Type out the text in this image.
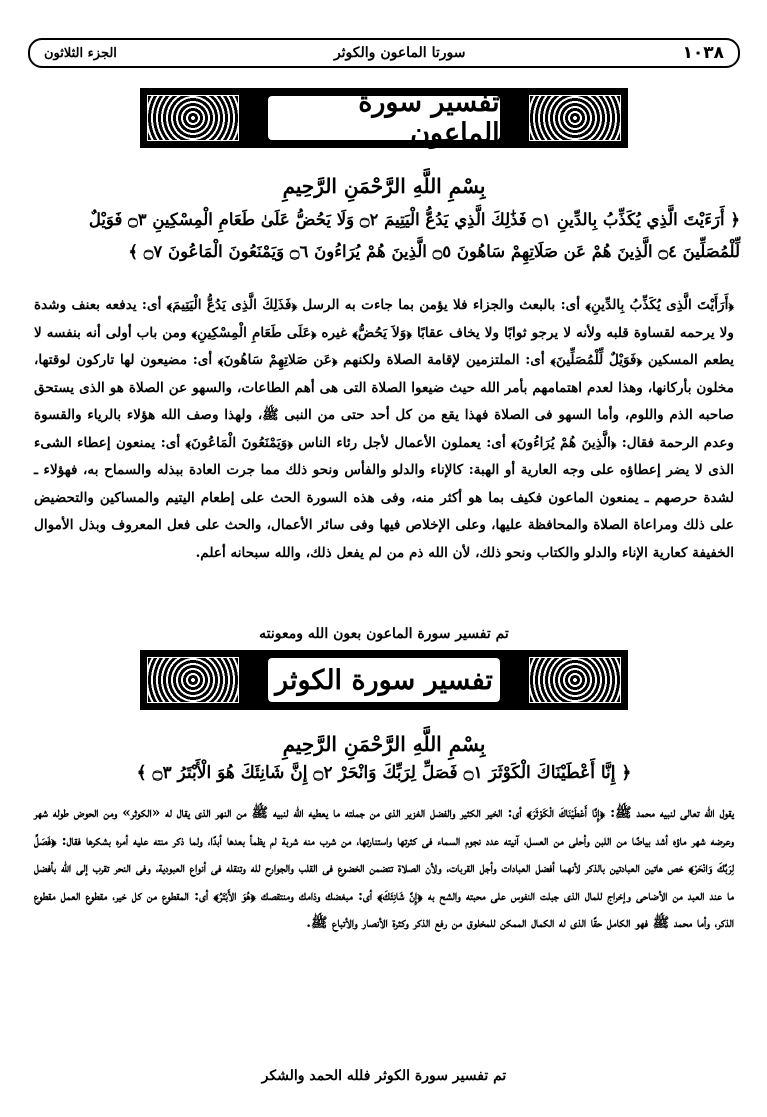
١٠٣٨
سورتا الماعون والكوثر
الجزء الثلاثون
تفسير سورة الماعون
بِسْمِ اللَّهِ الرَّحْمَنِ الرَّحِيمِ
﴿ أَرَءَيْتَ الَّذِي يُكَذِّبُ بِالدِّينِ ۝١ فَذَٰلِكَ الَّذِي يَدُعُّ الْيَتِيمَ ۝٢ وَلَا يَحُضُّ عَلَىٰ طَعَامِ الْمِسْكِينِ ۝٣ فَوَيْلٌ
لِّلْمُصَلِّينَ ۝٤ الَّذِينَ هُمْ عَن صَلَاتِهِمْ سَاهُونَ ۝٥ الَّذِينَ هُمْ يُرَاءُونَ ۝٦ وَيَمْنَعُونَ الْمَاعُونَ ۝٧ ﴾
﴿أَرَأَيْتَ الَّذِى يُكَذِّبُ بِالدِّينِ﴾ أى: بالبعث والجزاء فلا يؤمن بما جاءت به الرسل ﴿فَذَلِكَ الَّذِى يَدُعُّ الْيَتِيمَ﴾ أى: يدفعه بعنف وشدة ولا يرحمه لقساوة قلبه ولأنه لا يرجو ثوابًا ولا يخاف عقابًا ﴿وَلاَ يَحُضُّ﴾ غيره ﴿عَلَى طَعَامِ الْمِسْكِينِ﴾ ومن باب أولى أنه بنفسه لا يطعم المسكين ﴿فَوَيْلٌ لِّلْمُصَلِّينَ﴾ أى: الملتزمين لإقامة الصلاة ولكنهم ﴿عَن صَلاتِهِمْ سَاهُونَ﴾ أى: مضيعون لها تاركون لوقتها، مخلون بأركانها، وهذا لعدم اهتمامهم بأمر الله حيث ضيعوا الصلاة التى هى أهم الطاعات، والسهو عن الصلاة هو الذى يستحق صاحبه الذم واللوم، وأما السهو فى الصلاة فهذا يقع من كل أحد حتى من النبى ﷺ، ولهذا وصف الله هؤلاء بالرياء والقسوة وعدم الرحمة فقال: ﴿الَّذِينَ هُمْ يُرَاءُونَ﴾ أى: يعملون الأعمال لأجل رئاء الناس ﴿وَيَمْنَعُونَ الْمَاعُونَ﴾ أى: يمنعون إعطاء الشىء الذى لا يضر إعطاؤه على وجه العارية أو الهبة: كالإناء والدلو والفأس ونحو ذلك مما جرت العادة ببذله والسماح به، فهؤلاء ـ لشدة حرصهم ـ يمنعون الماعون فكيف بما هو أكثر منه، وفى هذه السورة الحث على إطعام اليتيم والمساكين والتحضيض على ذلك ومراعاة الصلاة والمحافظة عليها، وعلى الإخلاص فيها وفى سائر الأعمال، والحث على فعل المعروف وبذل الأموال الخفيفة كعارية الإناء والدلو والكتاب ونحو ذلك، لأن الله ذم من لم يفعل ذلك، والله سبحانه أعلم.
تم تفسير سورة الماعون بعون الله ومعونته
تفسير سورة الكوثر
بِسْمِ اللَّهِ الرَّحْمَنِ الرَّحِيمِ
﴿ إِنَّا أَعْطَيْنَاكَ الْكَوْثَرَ ۝١ فَصَلِّ لِرَبِّكَ وَانْحَرْ ۝٢ إِنَّ شَانِئَكَ هُوَ الْأَبْتَرُ ۝٣ ﴾
يقول الله تعالى لنبيه محمد ﷺ: ﴿إِنَّا أَعْطَيْنَاكَ الْكَوْثَرَ﴾ أى: الخير الكثير والفضل الغزير الذى من جملته ما يعطيه الله لنبيه ﷺ من النهر الذى يقال له «الكوثر» ومن الحوض طوله شهر وعرضه شهر ماؤه أشد بياضًا من اللبن وأحلى من العسل، آنيته عدد نجوم السماء فى كثرتها واستنارتها، من شرب منه شربة لم يظمأ بعدها أبدًا، ولما ذكر منته عليه أمره بشكرها فقال: ﴿فَصَلِّ لِرَبِّكَ وَانْحَرْ﴾ خص هاتين العبادتين بالذكر لأنهما أفضل العبادات وأجل القربات، ولأن الصلاة تتضمن الخضوع فى القلب والجوارح لله وتنقله فى أنواع العبودية، وفى النحر تقرب إلى الله بأفضل ما عند العبد من الأضاحى وإخراج للمال الذى جبلت النفوس على محبته والشح به ﴿إِنَّ شَانِئَكَ﴾ أى: مبغضك وذامك ومنتقصك ﴿هُوَ الأَبْتَرُ﴾ أى: المقطوع من كل خير، مقطوع العمل مقطوع الذكر، وأما محمد ﷺ فهو الكامل حقًا الذى له الكمال الممكن للمخلوق من رفع الذكر وكثرة الأنصار والأتباع ﷺ.
تم تفسير سورة الكوثر فلله الحمد والشكر
